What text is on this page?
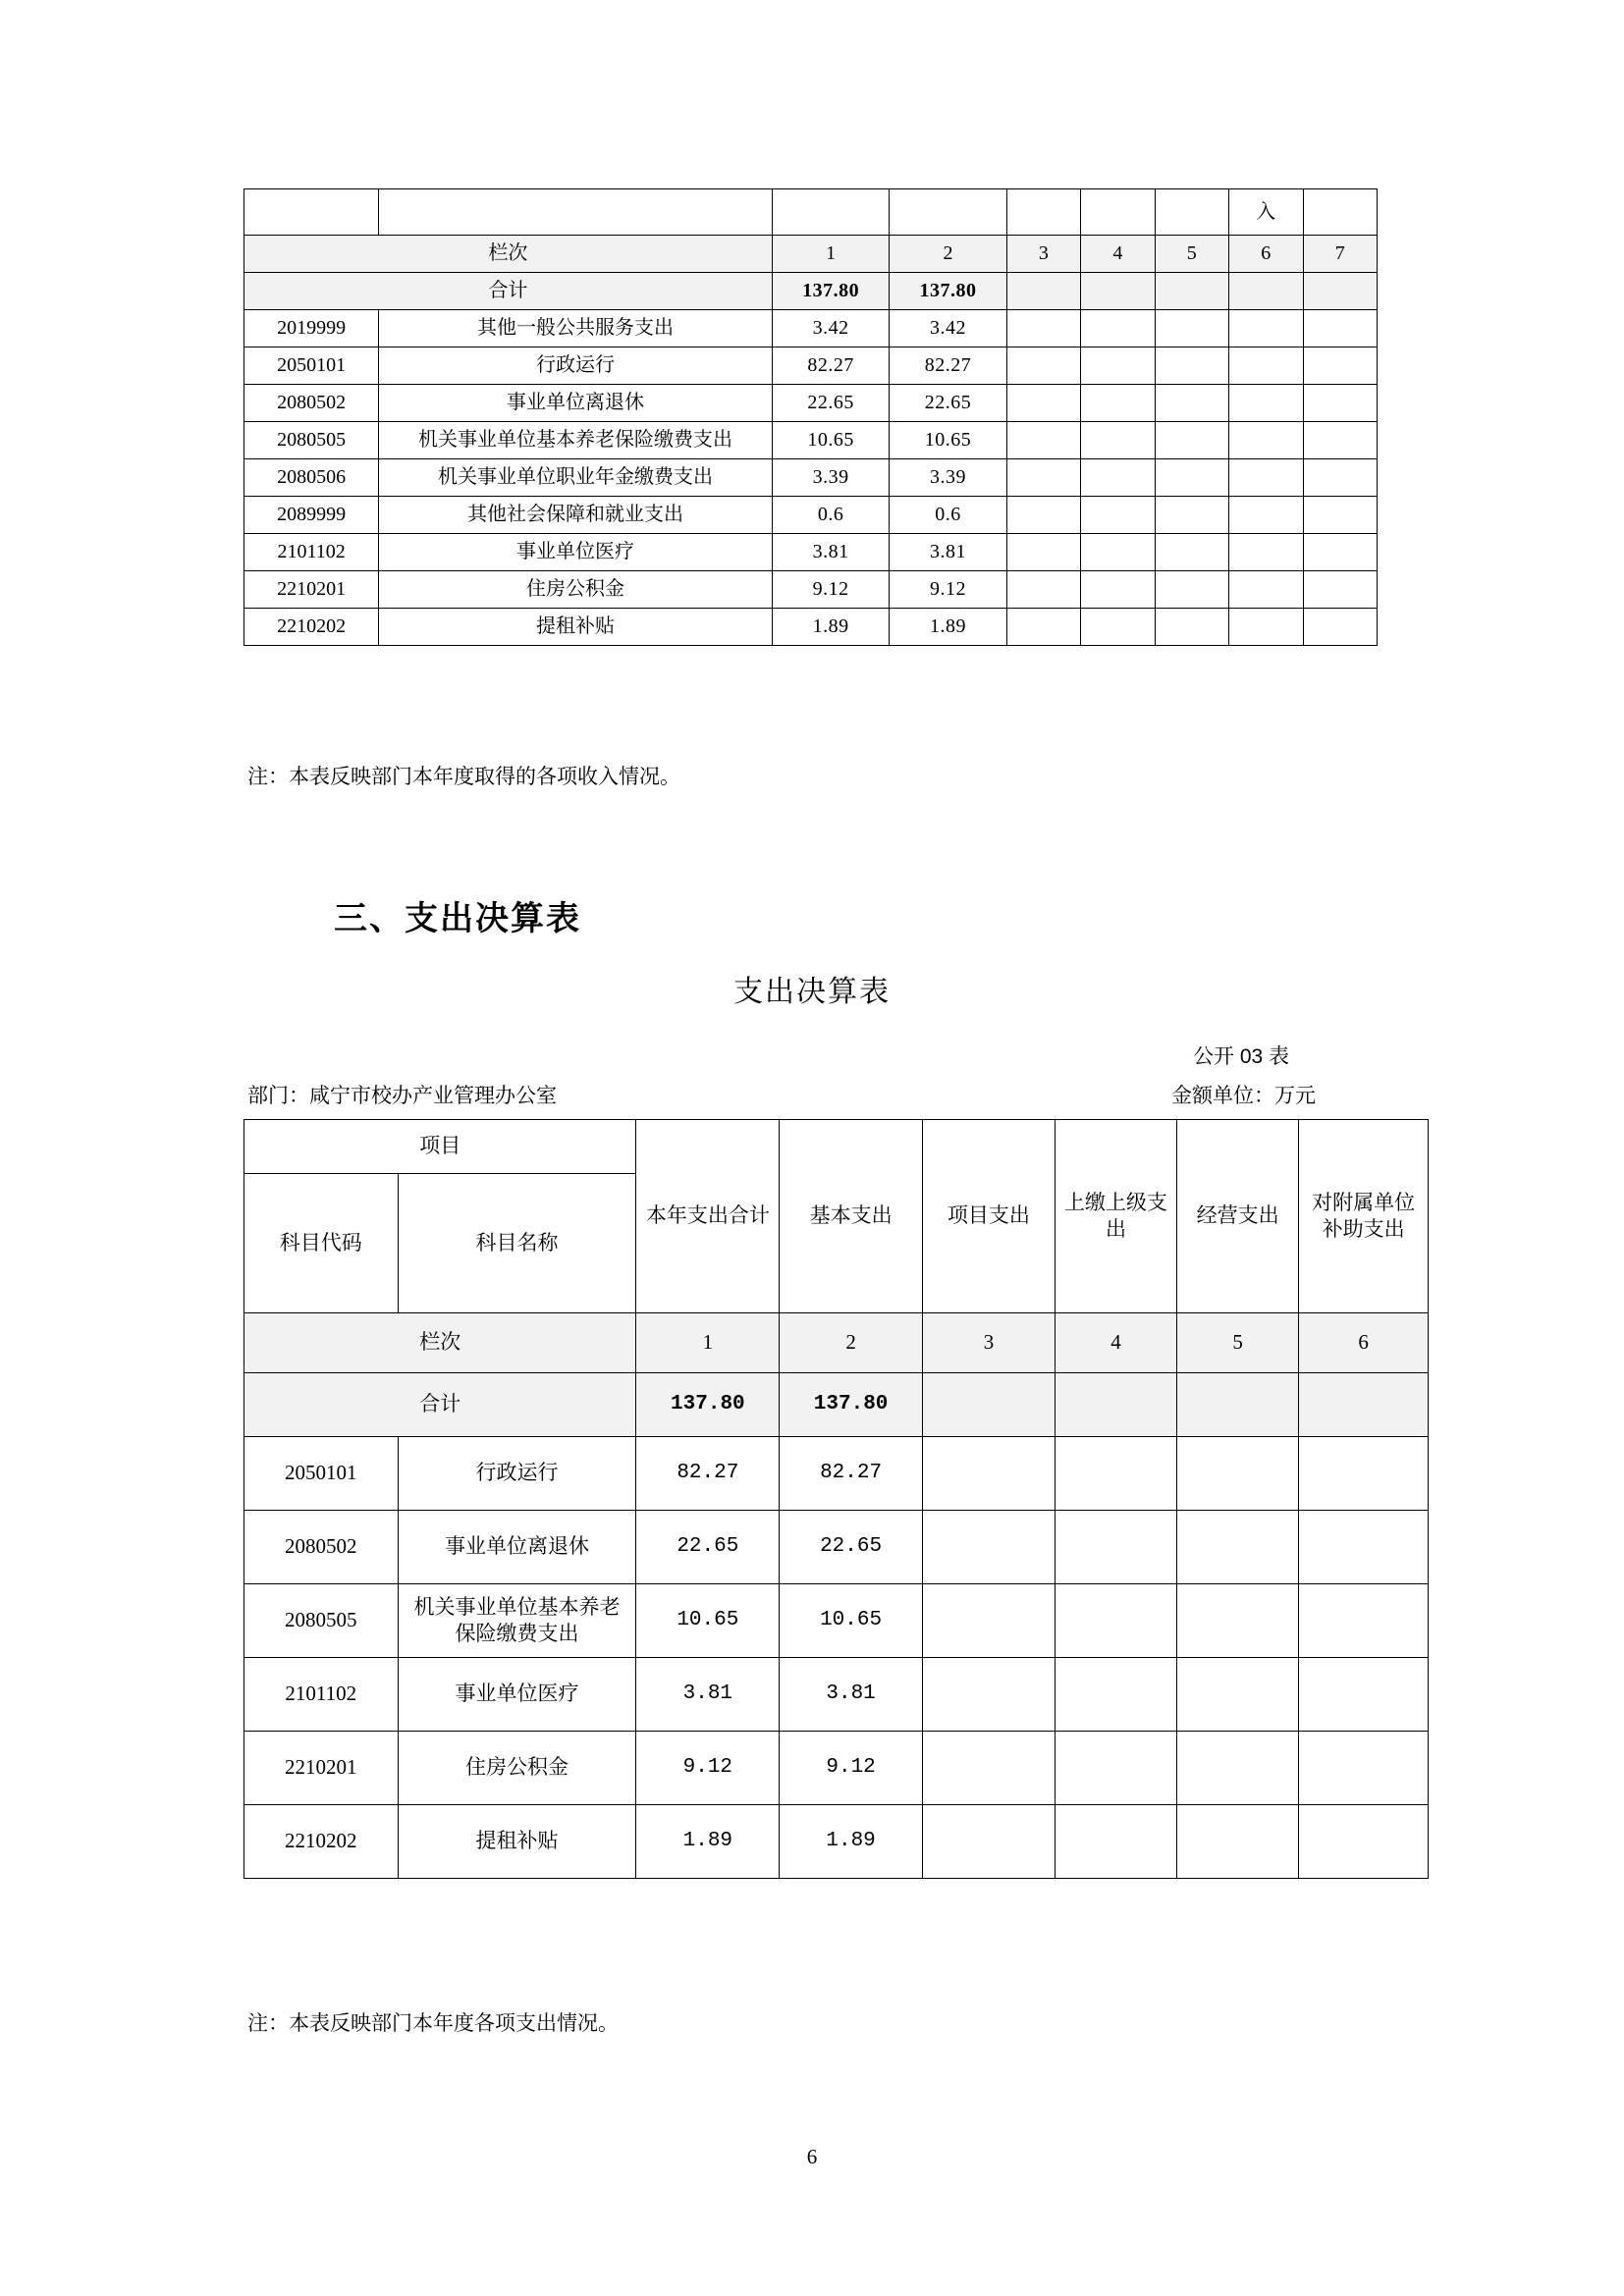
							入	
栏次		1	2	3	4	5	6	7
合计		137.80	137.80					
2019999	其他一般公共服务支出	3.42	3.42					
2050101	行政运行	82.27	82.27					
2080502	事业单位离退休	22.65	22.65					
2080505	机关事业单位基本养老保险缴费支出	10.65	10.65					
2080506	机关事业单位职业年金缴费支出	3.39	3.39					
2089999	其他社会保障和就业支出	0.6	0.6					
2101102	事业单位医疗	3.81	3.81					
2210201	住房公积金	9.12	9.12					
2210202	提租补贴	1.89	1.89					
注：本表反映部门本年度取得的各项收入情况。
三、支出决算表
支出决算表
公开 03 表
金额单位：万元
部门：咸宁市校办产业管理办公室
项目		本年支出合计	基本支出	项目支出	上缴上级支出	经营支出	对附属单位补助支出
科目代码	科目名称						
栏次		1	2	3	4	5	6
合计		137.80	137.80				
2050101	行政运行	82.27	82.27				
2080502	事业单位离退休	22.65	22.65				
2080505	机关事业单位基本养老保险缴费支出	10.65	10.65				
2101102	事业单位医疗	3.81	3.81				
2210201	住房公积金	9.12	9.12				
2210202	提租补贴	1.89	1.89				
注：本表反映部门本年度各项支出情况。
6
